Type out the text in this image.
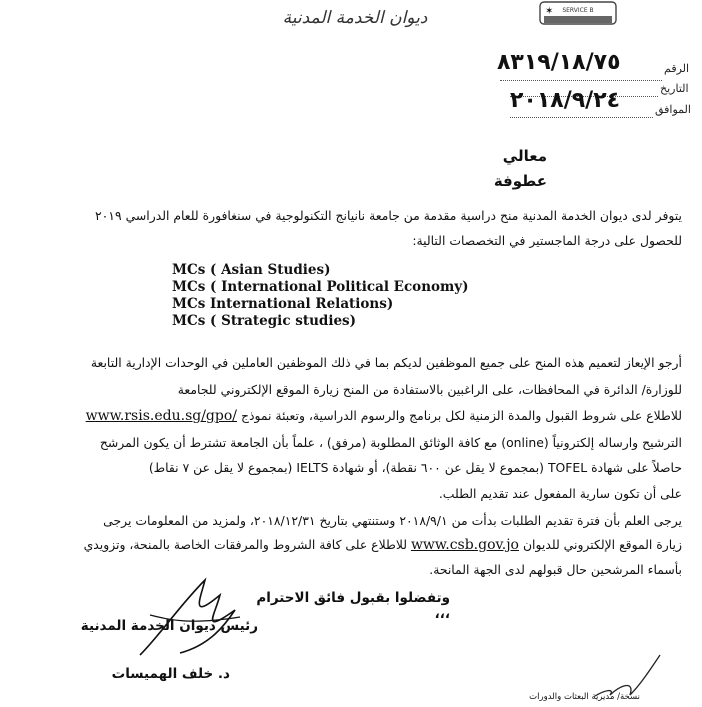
ديوان الخدمة المدنية	SERVICE B
✶
الرقم
٨٣١٩/١٨/٧٥
التاريخ
الموافق
٢٠١٨/٩/٢٤
معالي
عطوفة
يتوفر لدى ديوان الخدمة المدنية منح دراسية مقدمة من جامعة نانيانج التكنولوجية في سنغافورة للعام الدراسي ٢٠١٩
للحصول على درجة الماجستير في التخصصات التالية:
MCs ( Asian Studies)
MCs ( International Political Economy)
MCs International Relations)
MCs ( Strategic studies)
أرجو الإيعاز لتعميم هذه المنح على جميع الموظفين لديكم بما في ذلك الموظفين العاملين في الوحدات الإدارية التابعة
للوزارة/ الدائرة في المحافظات، على الراغبين بالاستفادة من المنح زيارة الموقع الإلكتروني للجامعة
للاطلاع على شروط القبول والمدة الزمنية لكل برنامج والرسوم الدراسية، وتعبئة نموذج www.rsis.edu.sg/gpo/
الترشيح وارساله إلكترونياً (online) مع كافة الوثائق المطلوبة (مرفق) ، علماً بأن الجامعة تشترط أن يكون المرشح
حاصلاً على شهادة TOFEL (بمجموع لا يقل عن ٦٠٠ نقطة)، أو شهادة IELTS (بمجموع لا يقل عن ٧ نقاط)
على أن تكون سارية المفعول عند تقديم الطلب.
يرجى العلم بأن فترة تقديم الطلبات بدأت من ٢٠١٨/٩/١ وستنتهي بتاريخ ٢٠١٨/١٢/٣١، ولمزيد من المعلومات يرجى
زيارة الموقع الإلكتروني للديوان www.csb.gov.jo للاطلاع على كافة الشروط والمرفقات الخاصة بالمنحة، وتزويدي
بأسماء المرشحين حال قبولهم لدى الجهة المانحة.
وتفضلوا بقبول فائق الاحترام ،،،
رئيس ديوان الخدمة المدنية
د. خلف الهميسات
نسخة/ مديرية البعثات والدورات
